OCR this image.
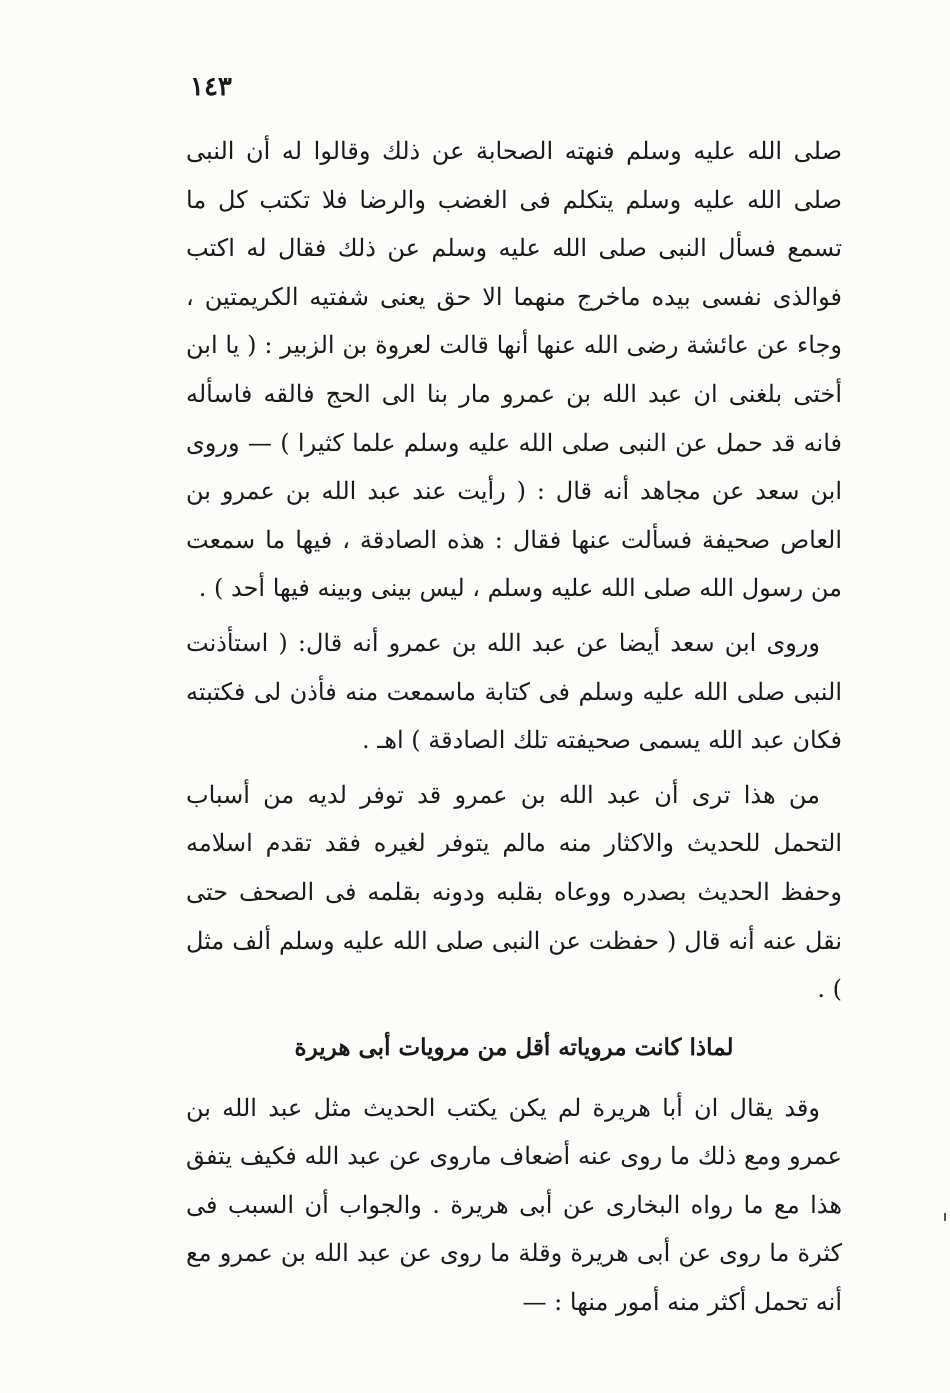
١٤٣

صلى الله عليه وسلم فنهته الصحابة عن ذلك وقالوا له أن النبى صلى الله عليه وسلم يتكلم فى الغضب والرضا فلا تكتب كل ما تسمع فسأل النبى صلى الله عليه وسلم عن ذلك فقال له اكتب فوالذى نفسى بيده ماخرج منهما الا حق يعنى شفتيه الكريمتين ، وجاء عن عائشة رضى الله عنها أنها قالت لعروة بن الزبير : ( يا ابن أختى بلغنى ان عبد الله بن عمرو مار بنا الى الحج فالقه فاسأله فانه قد حمل عن النبى صلى الله عليه وسلم علما كثيرا ) — وروى ابن سعد عن مجاهد أنه قال : ( رأيت عند عبد الله بن عمرو بن العاص صحيفة فسألت عنها فقال : هذه الصادقة ، فيها ما سمعت من رسول الله صلى الله عليه وسلم ، ليس بينى وبينه فيها أحد ) .

وروى ابن سعد أيضا عن عبد الله بن عمرو أنه قال: ( استأذنت النبى صلى الله عليه وسلم فى كتابة ماسمعت منه فأذن لى فكتبته فكان عبد الله يسمى صحيفته تلك الصادقة ) اهـ .

من هذا ترى أن عبد الله بن عمرو قد توفر لديه من أسباب التحمل للحديث والاكثار منه مالم يتوفر لغيره فقد تقدم اسلامه وحفظ الحديث بصدره ووعاه بقلبه ودونه بقلمه فى الصحف حتى نقل عنه أنه قال ( حفظت عن النبى صلى الله عليه وسلم ألف مثل ) .

لماذا كانت مروياته أقل من مرويات أبى هريرة

وقد يقال ان أبا هريرة لم يكن يكتب الحديث مثل عبد الله بن عمرو ومع ذلك ما روى عنه أضعاف ماروى عن عبد الله فكيف يتفق هذا مع ما رواه البخارى عن أبى هريرة . والجواب أن السبب فى كثرة ما روى عن أبى هريرة وقلة ما روى عن عبد الله بن عمرو مع أنه تحمل أكثر منه أمور منها : —
